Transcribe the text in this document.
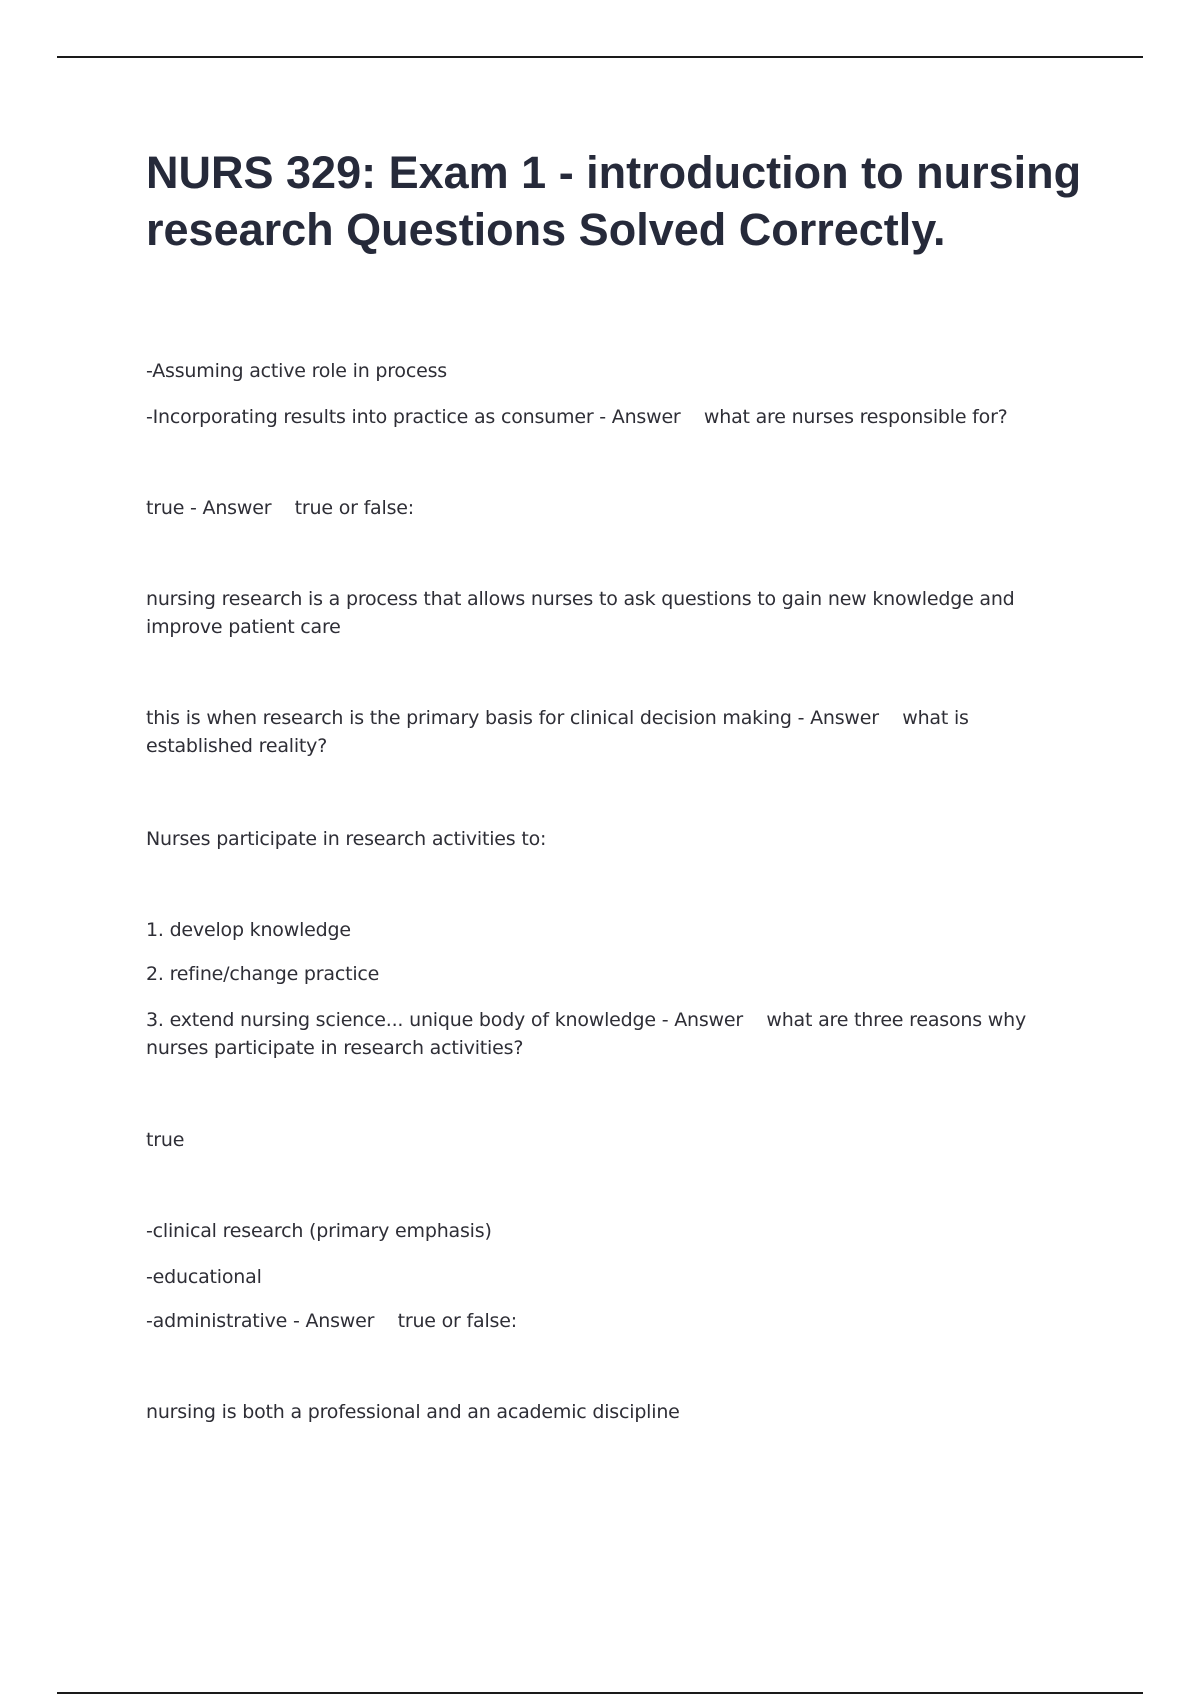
NURS 329: Exam 1 - introduction to nursing research Questions Solved Correctly.

-Assuming active role in process

-Incorporating results into practice as consumer - Answer    what are nurses responsible for?

true - Answer    true or false:

nursing research is a process that allows nurses to ask questions to gain new knowledge and improve patient care

this is when research is the primary basis for clinical decision making - Answer    what is established reality?

Nurses participate in research activities to:

1. develop knowledge

2. refine/change practice

3. extend nursing science... unique body of knowledge - Answer    what are three reasons why nurses participate in research activities?

true

-clinical research (primary emphasis)

-educational

-administrative - Answer    true or false:

nursing is both a professional and an academic discipline
